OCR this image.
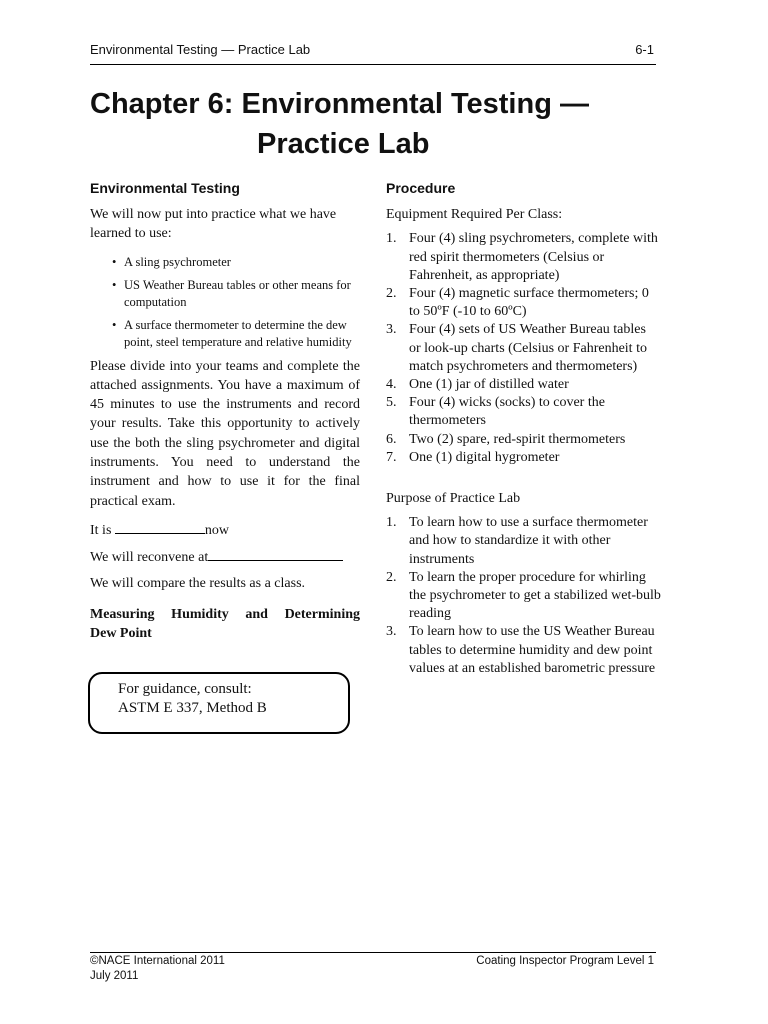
Environmental Testing — Practice Lab	6-1
Chapter 6: Environmental Testing —
Practice Lab
Environmental Testing

We will now put into practice what we have learned to use:

• A sling psychrometer
• US Weather Bureau tables or other means for computation
• A surface thermometer to determine the dew point, steel temperature and relative humidity

Please divide into your teams and complete the attached assignments. You have a maximum of 45 minutes to use the instruments and record your results. Take this opportunity to actively use the both the sling psychrometer and digital instruments. You need to understand the instrument and how to use it for the final practical exam.

It is	now

We will reconvene at

We will compare the results as a class.

Measuring Humidity and Determining
Dew Point

For guidance, consult:

ASTM E 337, Method B

Procedure

Equipment Required Per Class:

1. Four (4) sling psychrometers, complete with red spirit thermometers (Celsius or Fahrenheit, as appropriate)
2. Four (4) magnetic surface thermometers; 0 to 50ºF (-10 to 60ºC)
3. Four (4) sets of US Weather Bureau tables or look-up charts (Celsius or Fahrenheit to match psychrometers and thermometers)
4. One (1) jar of distilled water
5. Four (4) wicks (socks) to cover the thermometers
6. Two (2) spare, red-spirit thermometers
7. One (1) digital hygrometer

Purpose of Practice Lab

1. To learn how to use a surface thermometer and how to standardize it with other instruments
2. To learn the proper procedure for whirling the psychrometer to get a stabilized wet-bulb reading
3. To learn how to use the US Weather Bureau tables to determine humidity and dew point values at an established barometric pressure
©NACE International 2011
July 2011
Coating Inspector Program Level 1
